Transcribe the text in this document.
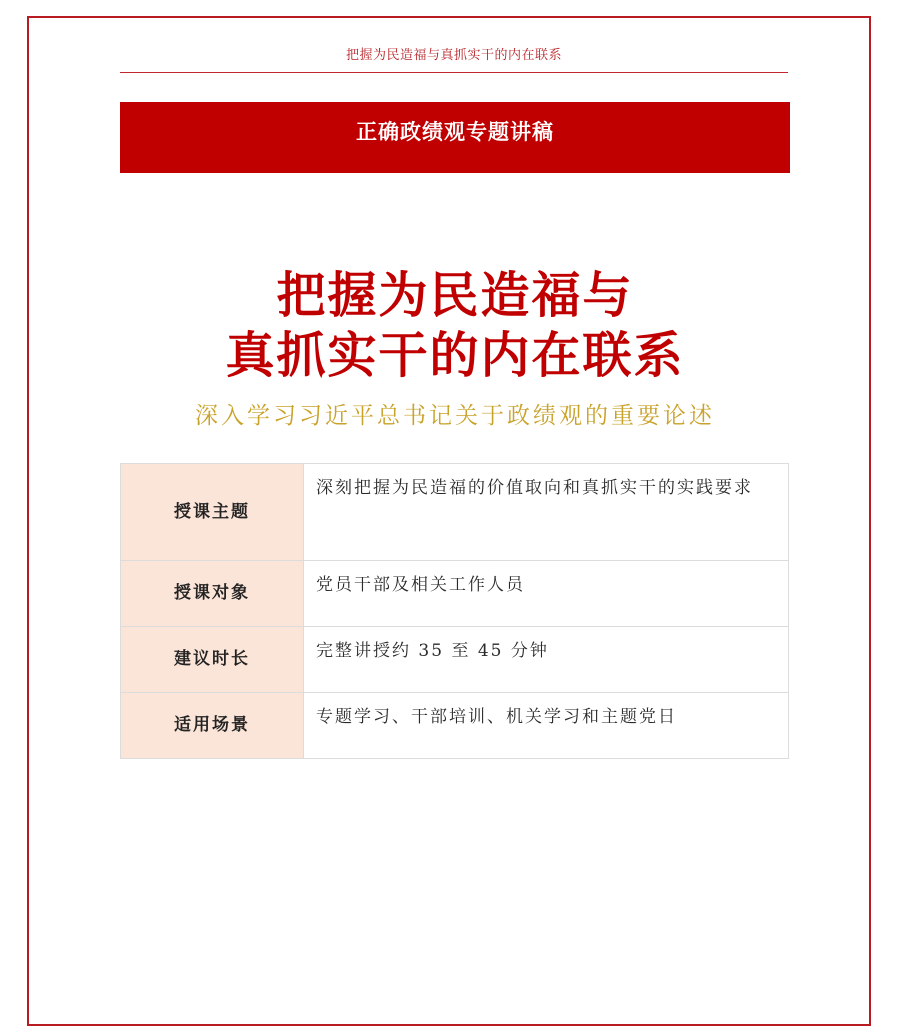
把握为民造福与真抓实干的内在联系
正确政绩观专题讲稿
把握为民造福与
真抓实干的内在联系
深入学习习近平总书记关于政绩观的重要论述
授课主题	深刻把握为民造福的价值取向和真抓实干的实践要求
授课对象	党员干部及相关工作人员
建议时长	完整讲授约 35 至 45 分钟
适用场景	专题学习、干部培训、机关学习和主题党日
